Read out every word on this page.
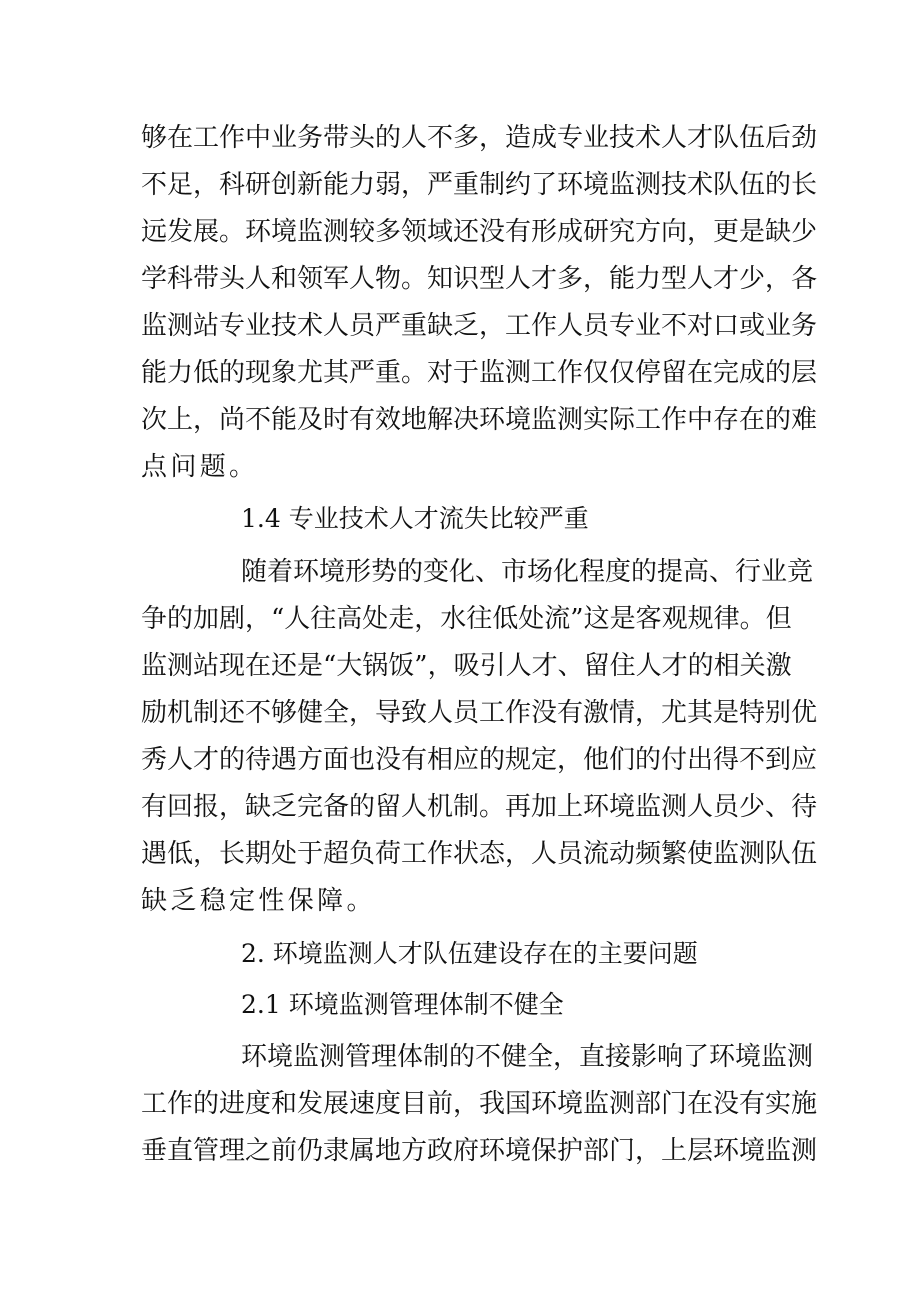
够在工作中业务带头的人不多，造成专业技术人才队伍后劲
不足，科研创新能力弱，严重制约了环境监测技术队伍的长
远发展。环境监测较多领域还没有形成研究方向，更是缺少
学科带头人和领军人物。知识型人才多，能力型人才少，各
监测站专业技术人员严重缺乏，工作人员专业不对口或业务
能力低的现象尤其严重。对于监测工作仅仅停留在完成的层
次上，尚不能及时有效地解决环境监测实际工作中存在的难
点问题。
1.4 专业技术人才流失比较严重
随着环境形势的变化、市场化程度的提高、行业竞
争的加剧，“人往高处走，水往低处流”这是客观规律。但
监测站现在还是“大锅饭”，吸引人才、留住人才的相关激
励机制还不够健全，导致人员工作没有激情，尤其是特别优
秀人才的待遇方面也没有相应的规定，他们的付出得不到应
有回报，缺乏完备的留人机制。再加上环境监测人员少、待
遇低，长期处于超负荷工作状态，人员流动频繁使监测队伍
缺乏稳定性保障。
2. 环境监测人才队伍建设存在的主要问题
2.1 环境监测管理体制不健全
环境监测管理体制的不健全，直接影响了环境监测
工作的进度和发展速度目前，我国环境监测部门在没有实施
垂直管理之前仍隶属地方政府环境保护部门，上层环境监测
